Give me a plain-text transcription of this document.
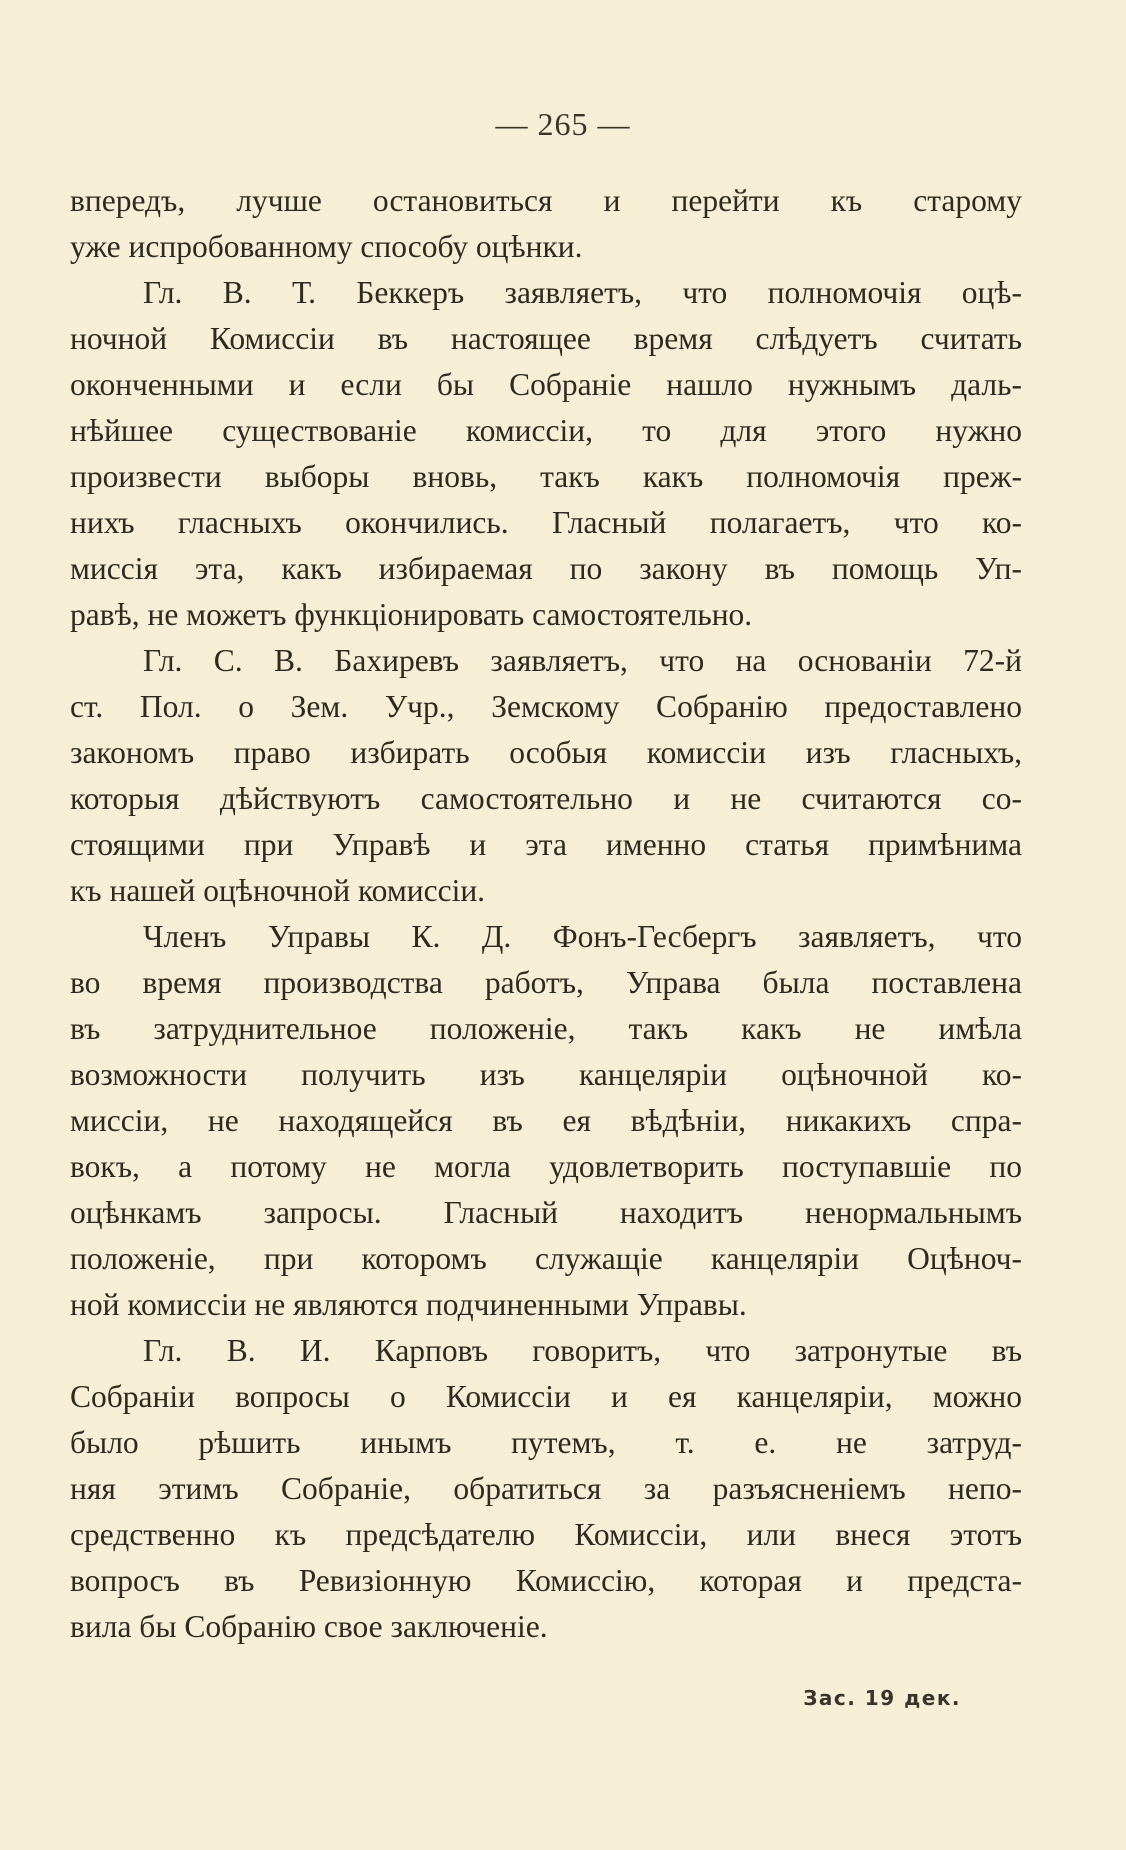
— 265 —
впередъ, лучше остановиться и перейти къ старому
уже испробованному способу оцѣнки.
Гл. В. Т. Беккеръ заявляетъ, что полномочія оцѣ-
ночной Комиссіи въ настоящее время слѣдуетъ считать
оконченными и если бы Собраніе нашло нужнымъ даль-
нѣйшее существованіе комиссіи, то для этого нужно
произвести выборы вновь, такъ какъ полномочія преж-
нихъ гласныхъ окончились. Гласный полагаетъ, что ко-
миссія эта, какъ избираемая по закону въ помощь Уп-
равѣ, не можетъ функціонировать самостоятельно.
Гл. С. В. Бахиревъ заявляетъ, что на основаніи 72-й
ст. Пол. о Зем. Учр., Земскому Собранію предоставлено
закономъ право избирать особыя комиссіи изъ гласныхъ,
которыя дѣйствуютъ самостоятельно и не считаются со-
стоящими при Управѣ и эта именно статья примѣнима
къ нашей оцѣночной комиссіи.
Членъ Управы К. Д. Фонъ-Гесбергъ заявляетъ, что
во время производства работъ, Управа была поставлена
въ затруднительное положеніе, такъ какъ не имѣла
возможности получить изъ канцеляріи оцѣночной ко-
миссіи, не находящейся въ ея вѣдѣніи, никакихъ спра-
вокъ, а потому не могла удовлетворить поступавшіе по
оцѣнкамъ запросы. Гласный находитъ ненормальнымъ
положеніе, при которомъ служащіе канцеляріи Оцѣноч-
ной комиссіи не являются подчиненными Управы.
Гл. В. И. Карповъ говоритъ, что затронутые въ
Собраніи вопросы о Комиссіи и ея канцеляріи, можно
было рѣшить инымъ путемъ, т. е. не затруд-
няя этимъ Собраніе, обратиться за разъясненіемъ непо-
средственно къ предсѣдателю Комиссіи, или внеся этотъ
вопросъ въ Ревизіонную Комиссію, которая и предста-
вила бы Собранію свое заключеніе.
Зас. 19 дек.
